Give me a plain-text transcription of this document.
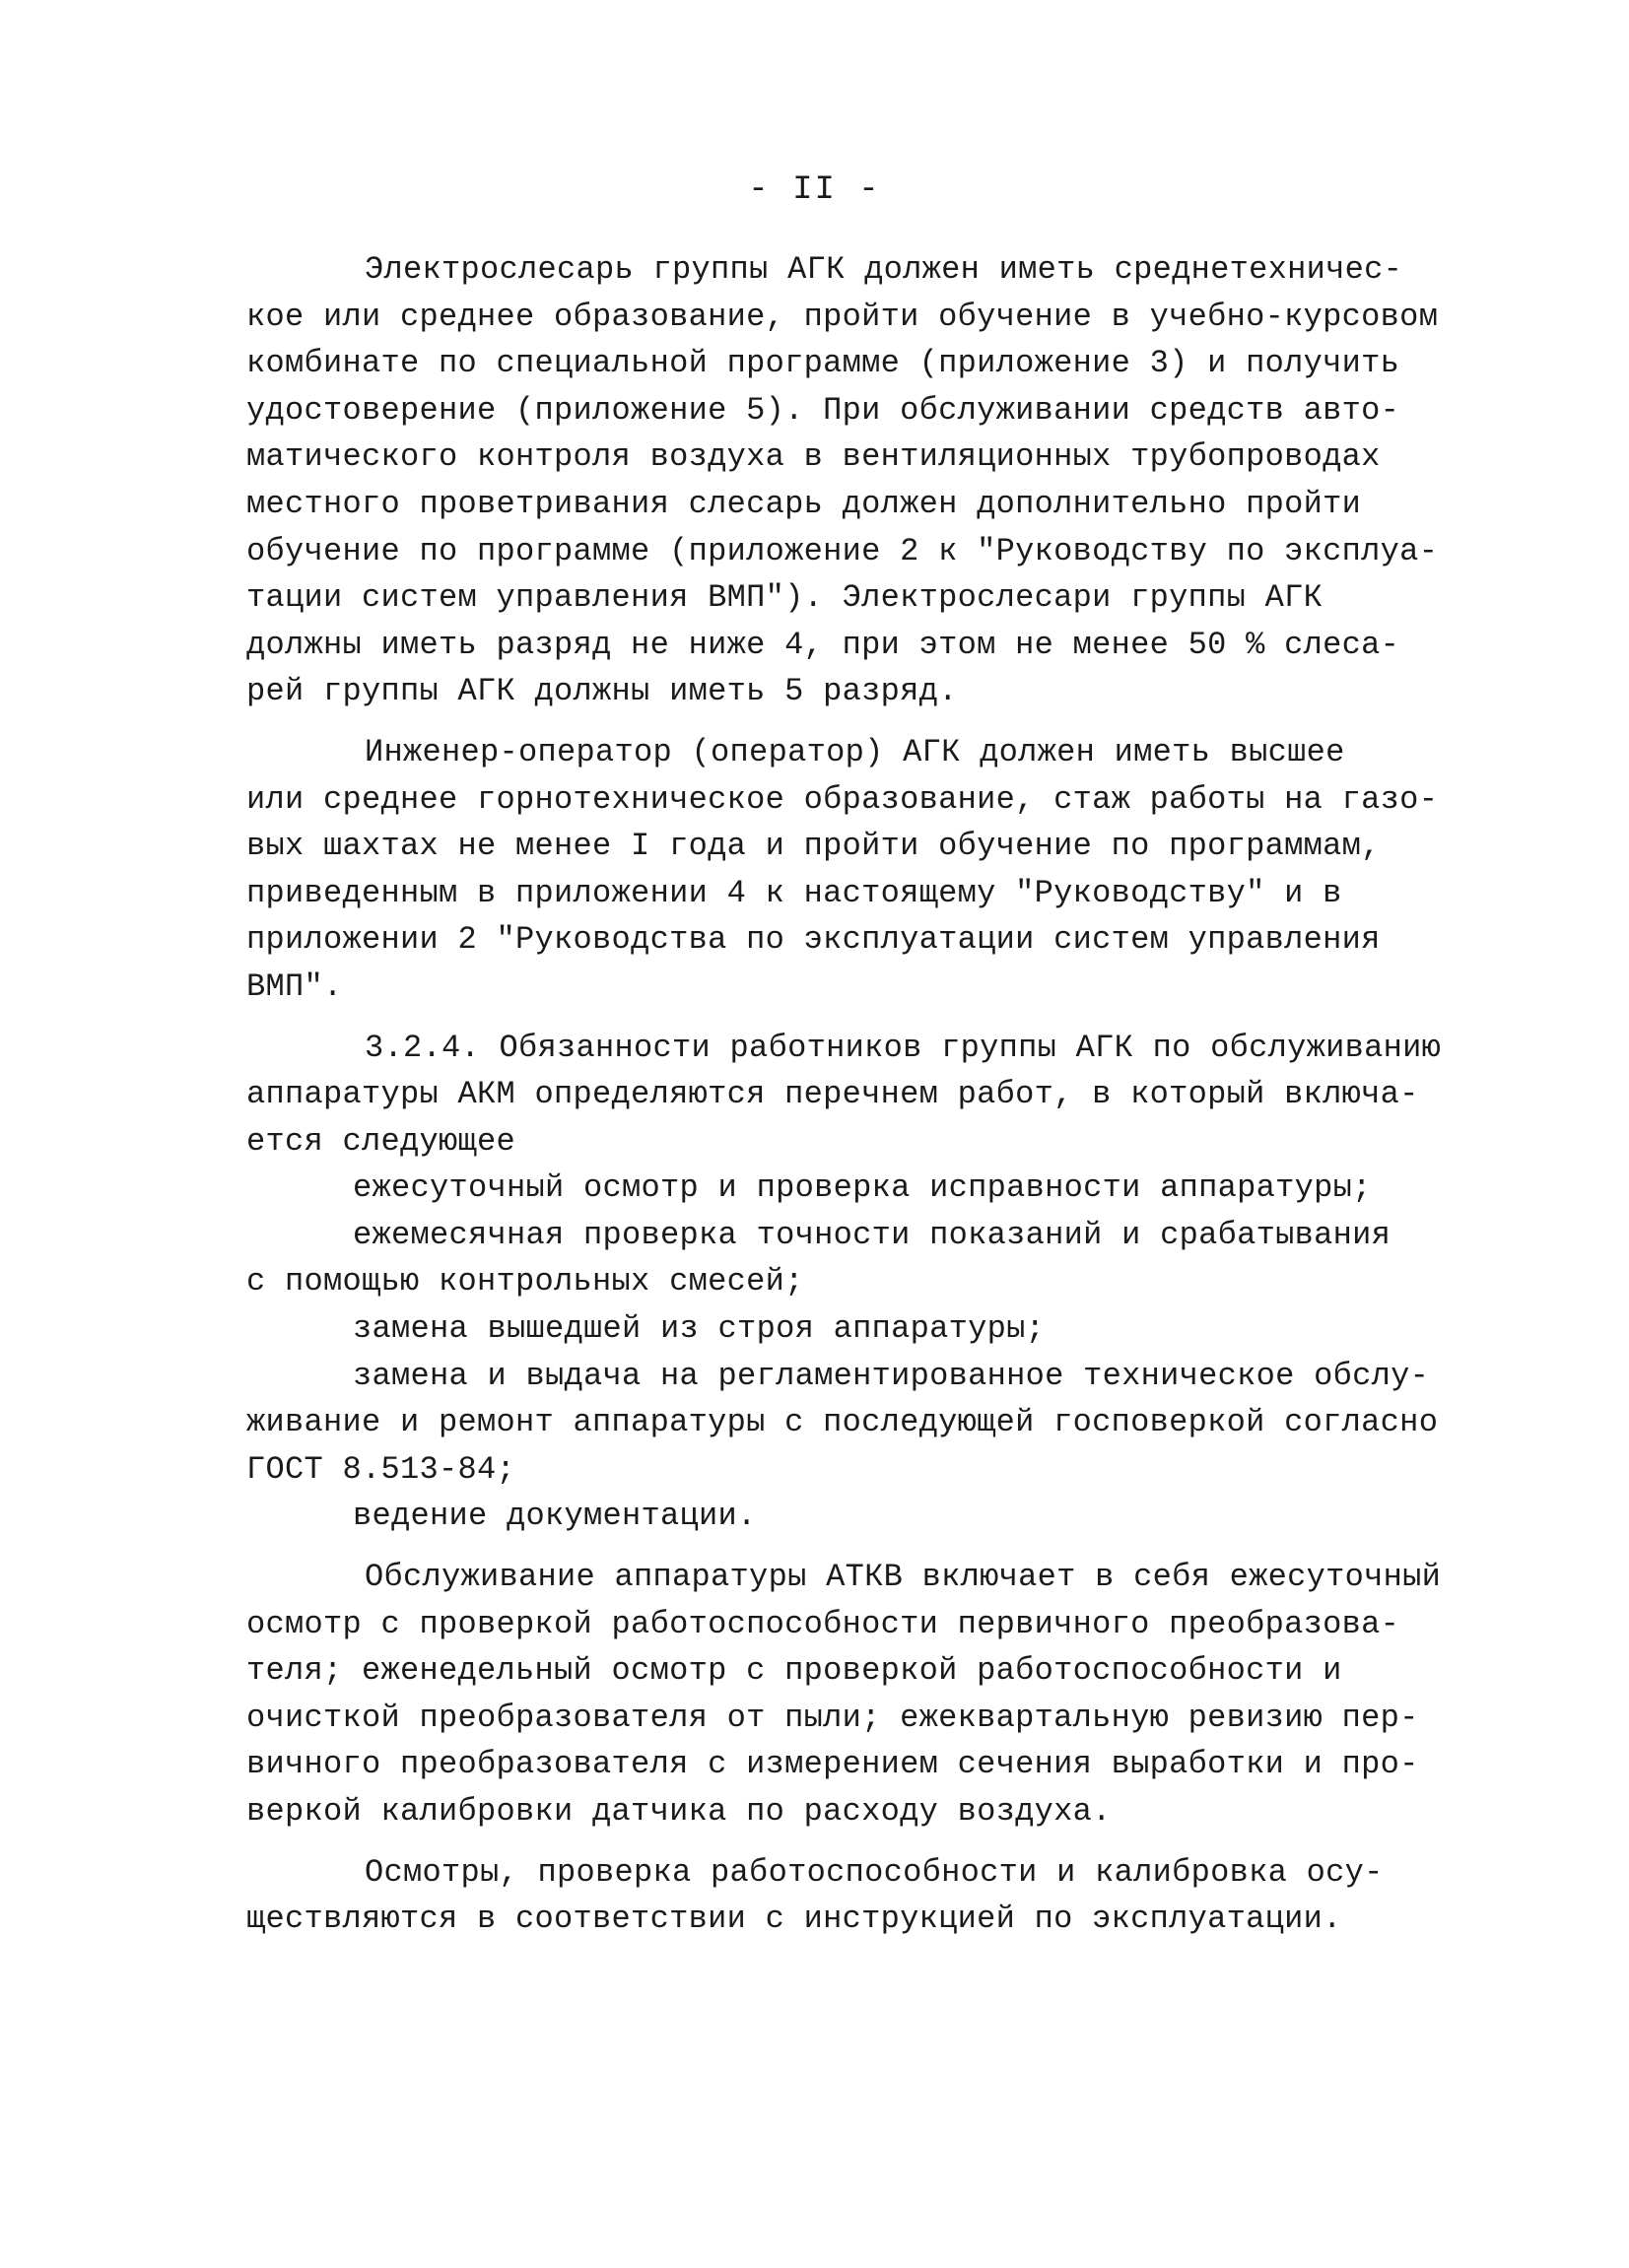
- II -
Электрослесарь группы АГК должен иметь среднетехничес-
кое или среднее образование, пройти обучение в учебно-курсовом
комбинате по специальной программе (приложение 3) и получить
удостоверение (приложение 5). При обслуживании средств авто-
матического контроля воздуха в вентиляционных трубопроводах
местного проветривания слесарь должен дополнительно пройти
обучение по программе (приложение 2 к "Руководству по эксплуа-
тации систем управления ВМП"). Электрослесари группы АГК
должны иметь разряд не ниже 4, при этом не менее 50 % слеса-
рей группы АГК должны иметь 5 разряд.
Инженер-оператор (оператор) АГК должен иметь высшее
или среднее горнотехническое образование, стаж работы на газо-
вых шахтах не менее I года и пройти обучение по программам,
приведенным в приложении 4 к настоящему "Руководству" и в
приложении 2 "Руководства по эксплуатации систем управления
ВМП".
3.2.4. Обязанности работников группы АГК по обслуживанию
аппаратуры АКМ определяются перечнем работ, в который включа-
ется следующее
ежесуточный осмотр и проверка исправности аппаратуры;
ежемесячная проверка точности показаний и срабатывания
с помощью контрольных смесей;
замена вышедшей из строя аппаратуры;
замена и выдача на регламентированное техническое обслу-
живание и ремонт аппаратуры с последующей госповеркой согласно
ГОСТ 8.513-84;
ведение документации.
Обслуживание аппаратуры АТКВ включает в себя ежесуточный
осмотр с проверкой работоспособности первичного преобразова-
теля; еженедельный осмотр с проверкой работоспособности и
очисткой преобразователя от пыли; ежеквартальную ревизию пер-
вичного преобразователя с измерением сечения выработки и про-
веркой калибровки датчика по расходу воздуха.
Осмотры, проверка работоспособности и калибровка осу-
ществляются в соответствии с инструкцией по эксплуатации.
